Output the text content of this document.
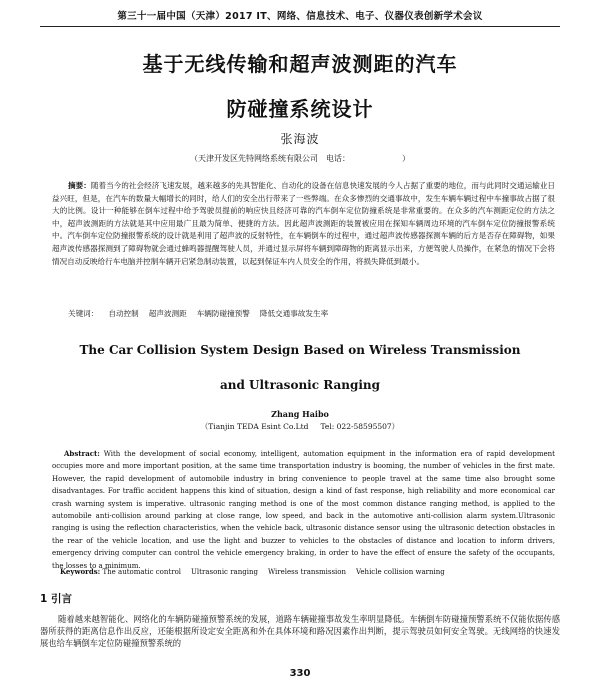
第三十一届中国（天津）2017 IT、网络、信息技术、电子、仪器仪表创新学术会议
基于无线传输和超声波测距的汽车
防碰撞系统设计
张海波
（天津开发区先特网络系统有限公司　电话：　　　　　　　）
摘要：随着当今的社会经济飞速发展，越来越多的先具智能化、自动化的设备在信息快速发展的今人占据了重要的地位，而与此同时交通运输业日益兴旺，但是，在汽车的数量大幅增长的同时，给人们的安全出行带来了一些弊端。在众多惨烈的交通事故中，发生车辆车辆过程中车撞事故占据了很大的比例。设计一种能够在倒车过程中给予驾驶员提前的响应快且经济可靠的汽车倒车定位防撞系统是非常重要的。在众多的汽车测距定位的方法之中，超声波测距的方法就是其中应用最广且最为简单、便捷的方法。因此超声波测距的装置被应用在探知车辆周边环境的汽车倒车定位防撞报警系统中。汽车倒车定位防撞报警系统的设计就是利用了超声波的反射特性，在车辆倒车的过程中，通过超声波传感器探测车辆的后方是否存在障碍物，如果超声波传感器探测到了障碍物就会通过蜂鸣器提醒驾驶人员，并通过显示屏将车辆到障碍物的距离显示出来，方便驾驶人员操作，在紧急的情况下会将情况自动反映给行车电脑并控制车辆开启紧急制动装置，以起到保证车内人员安全的作用，将损失降低到最小。
关键词： 自动控制 超声波测距 车辆防碰撞预警 降低交通事故发生率
The Car Collision System Design Based on Wireless Transmission
and Ultrasonic Ranging
Zhang Haibo
（Tianjin TEDA Esint Co.Ltd Tel: 022-58595507）
Abstract: With the development of social economy, intelligent, automation equipment in the information era of rapid development occupies more and more important position, at the same time transportation industry is booming, the number of vehicles in the first mate. However, the rapid development of automobile industry in bring convenience to people travel at the same time also brought some disadvantages. For traffic accident happens this kind of situation, design a kind of fast response, high reliability and more economical car crash warning system is imperative. ultrasonic ranging method is one of the most common distance ranging method, is applied to the automobile anti-collision around parking at close range, low speed, and back in the automotive anti-collision alarm system.Ultrasonic ranging is using the reflection characteristics, when the vehicle back, ultrasonic distance sensor using the ultrasonic detection obstacles in the rear of the vehicle location, and use the light and buzzer to vehicles to the obstacles of distance and location to inform drivers, emergency driving computer can control the vehicle emergency braking, in order to have the effect of ensure the safety of the occupants, the losses to a minimum.
Keywords: The automatic control Ultrasonic ranging Wireless transmission Vehicle collision warning
1 引言
随着越来越智能化、网络化的车辆防碰撞预警系统的发展，道路车辆碰撞事故发生率明显降低。车辆倒车防碰撞预警系统不仅能依据传感器所获得的距离信息作出反应，还能根据所设定安全距离和外在具体环境和路况因素作出判断，提示驾驶员如何安全驾驶。无线网络的快速发展也给车辆倒车定位防碰撞预警系统的
330
